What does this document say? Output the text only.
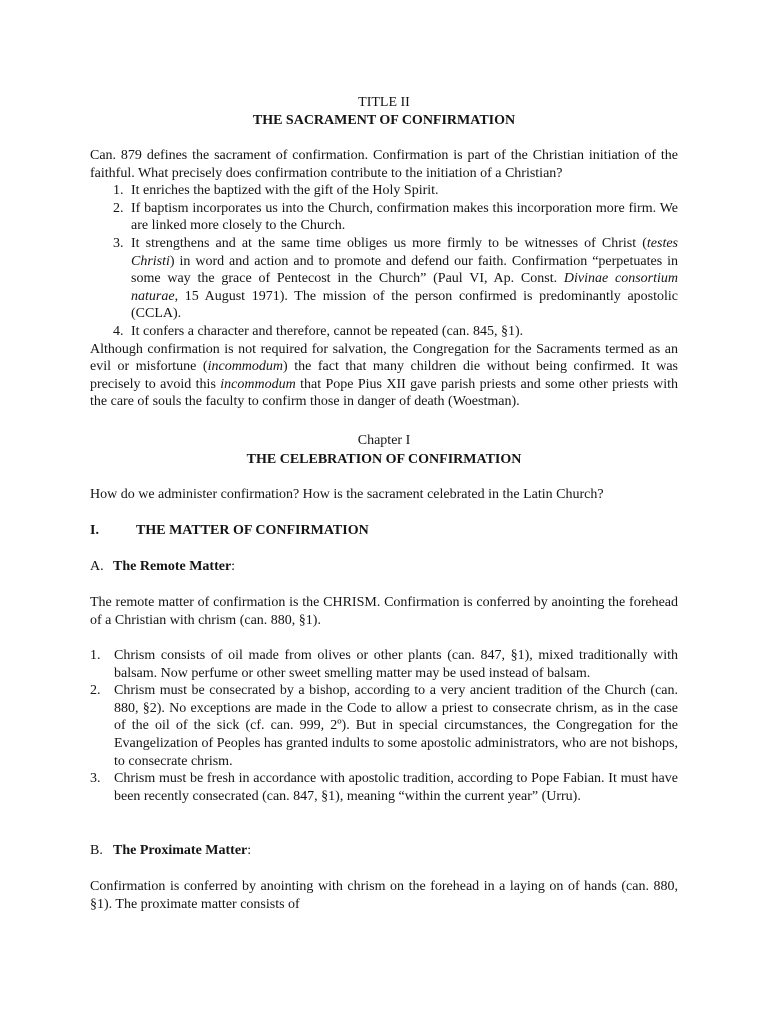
TITLE II
THE SACRAMENT OF CONFIRMATION

Can. 879 defines the sacrament of confirmation. Confirmation is part of the Christian initiation of the faithful. What precisely does confirmation contribute to the initiation of a Christian?

1. It enriches the baptized with the gift of the Holy Spirit.
2. If baptism incorporates us into the Church, confirmation makes this incorporation more firm. We are linked more closely to the Church.
3. It strengthens and at the same time obliges us more firmly to be witnesses of Christ (testes Christi) in word and action and to promote and defend our faith. Confirmation “perpetuates in some way the grace of Pentecost in the Church” (Paul VI, Ap. Const. Divinae consortium naturae, 15 August 1971). The mission of the person confirmed is predominantly apostolic (CCLA).
4. It confers a character and therefore, cannot be repeated (can. 845, §1).

Although confirmation is not required for salvation, the Congregation for the Sacraments termed as an evil or misfortune (incommodum) the fact that many children die without being confirmed. It was precisely to avoid this incommodum that Pope Pius XII gave parish priests and some other priests with the care of souls the faculty to confirm those in danger of death (Woestman).

Chapter I
THE CELEBRATION OF CONFIRMATION
How do we administer confirmation? How is the sacrament celebrated in the Latin Church?
I.	THE MATTER OF CONFIRMATION
A. The Remote Matter:

The remote matter of confirmation is the CHRISM. Confirmation is conferred by anointing the forehead of a Christian with chrism (can. 880, §1).

1. Chrism consists of oil made from olives or other plants (can. 847, §1), mixed traditionally with balsam. Now perfume or other sweet smelling matter may be used instead of balsam.
2. Chrism must be consecrated by a bishop, according to a very ancient tradition of the Church (can. 880, §2). No exceptions are made in the Code to allow a priest to consecrate chrism, as in the case of the oil of the sick (cf. can. 999, 2º). But in special circumstances, the Congregation for the Evangelization of Peoples has granted indults to some apostolic administrators, who are not bishops, to consecrate chrism.
3. Chrism must be fresh in accordance with apostolic tradition, according to Pope Fabian. It must have been recently consecrated (can. 847, §1), meaning “within the current year” (Urru).
B. The Proximate Matter:

Confirmation is conferred by anointing with chrism on the forehead in a laying on of hands (can. 880, §1). The proximate matter consists of
